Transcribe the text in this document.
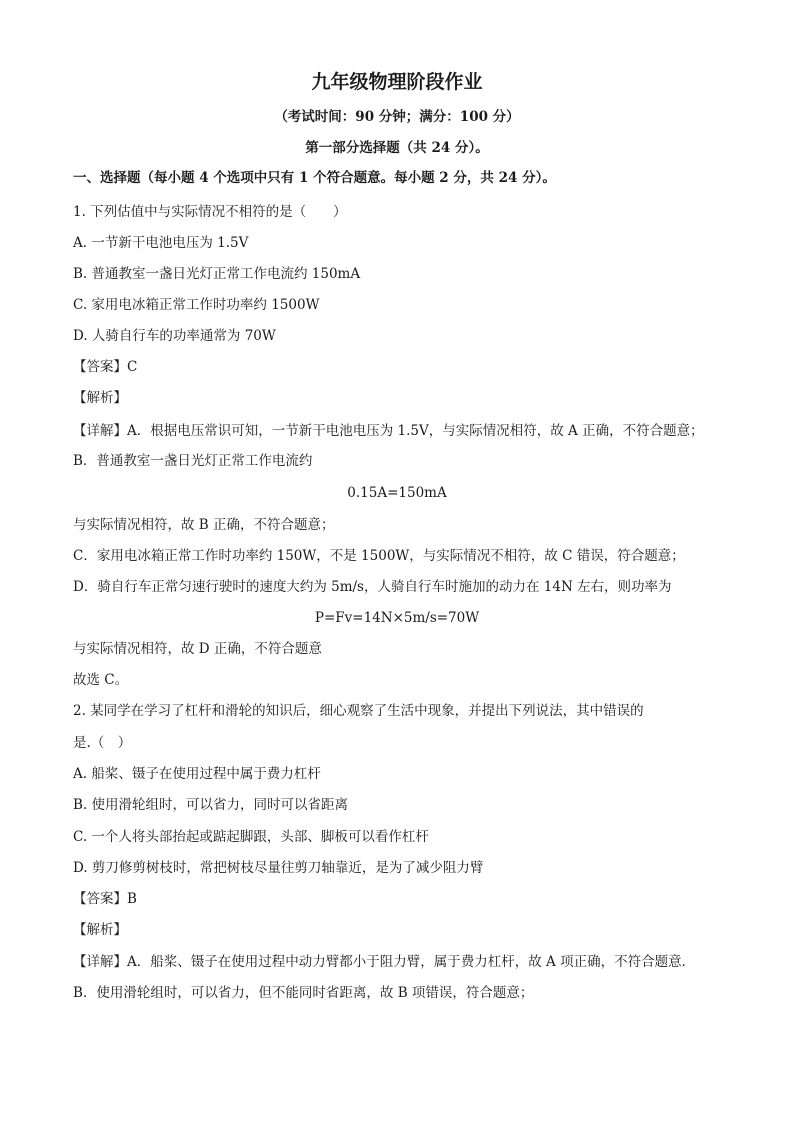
九年级物理阶段作业
（考试时间：90 分钟；满分：100 分）
第一部分选择题（共 24 分）。
一、选择题（每小题 4 个选项中只有 1 个符合题意。每小题 2 分，共 24 分）。
1. 下列估值中与实际情况不相符的是（　　）
A. 一节新干电池电压为 1.5V
B. 普通教室一盏日光灯正常工作电流约 150mA
C. 家用电冰箱正常工作时功率约 1500W
D. 人骑自行车的功率通常为 70W
【答案】C
【解析】
【详解】A．根据电压常识可知，一节新干电池电压为 1.5V，与实际情况相符，故 A 正确，不符合题意；
B．普通教室一盏日光灯正常工作电流约
0.15A=150mA
与实际情况相符，故 B 正确，不符合题意；
C．家用电冰箱正常工作时功率约 150W，不是 1500W，与实际情况不相符，故 C 错误，符合题意；
D．骑自行车正常匀速行驶时的速度大约为 5m/s，人骑自行车时施加的动力在 14N 左右，则功率为
P=Fv=14N×5m/s=70W
与实际情况相符，故 D 正确，不符合题意
故选 C。
2. 某同学在学习了杠杆和滑轮的知识后，细心观察了生活中现象，并提出下列说法，其中错误的
是.（　）
A. 船桨、镊子在使用过程中属于费力杠杆
B. 使用滑轮组时，可以省力，同时可以省距离
C. 一个人将头部抬起或踮起脚跟，头部、脚板可以看作杠杆
D. 剪刀修剪树枝时，常把树枝尽量往剪刀轴靠近，是为了减少阻力臂
【答案】B
【解析】
【详解】A．船桨、镊子在使用过程中动力臂都小于阻力臂，属于费力杠杆，故 A 项正确，不符合题意．
B．使用滑轮组时，可以省力，但不能同时省距离，故 B 项错误，符合题意；
